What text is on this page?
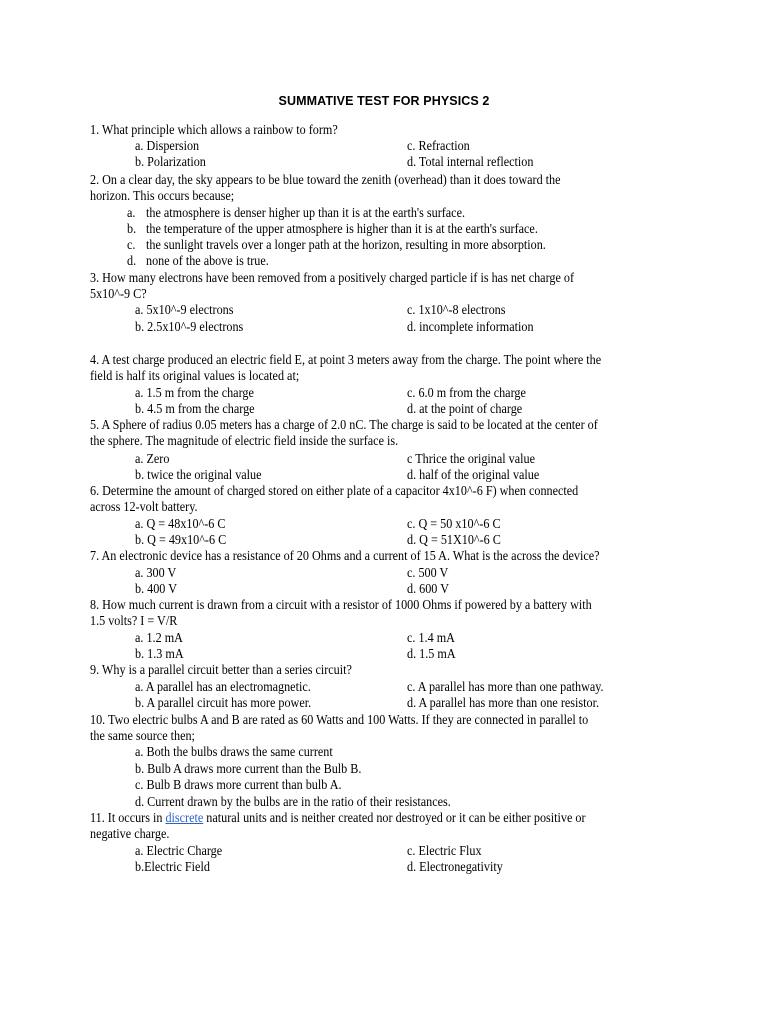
SUMMATIVE TEST FOR PHYSICS 2
1. What principle which allows a rainbow to form?
a. Dispersion	c. Refraction
b. Polarization	d. Total internal reflection
2. On a clear day, the sky appears to be blue toward the zenith (overhead) than it does toward the
horizon. This occurs because;
a. the atmosphere is denser higher up than it is at the earth's surface.
b. the temperature of the upper atmosphere is higher than it is at the earth's surface.
c. the sunlight travels over a longer path at the horizon, resulting in more absorption.
d. none of the above is true.
3. How many electrons have been removed from a positively charged particle if is has net charge of
5x10^-9 C?
a. 5x10^-9 electrons	c. 1x10^-8 electrons
b. 2.5x10^-9 electrons	d. incomplete information
4. A test charge produced an electric field E, at point 3 meters away from the charge. The point where the
field is half its original values is located at;
a. 1.5 m from the charge	c. 6.0 m from the charge
b. 4.5 m from the charge	d. at the point of charge
5. A Sphere of radius 0.05 meters has a charge of 2.0 nC. The charge is said to be located at the center of
the sphere. The magnitude of electric field inside the surface is.
a. Zero	c Thrice the original value
b. twice the original value	d. half of the original value
6. Determine the amount of charged stored on either plate of a capacitor 4x10^-6 F) when connected
across 12-volt battery.
a. Q = 48x10^-6 C	c. Q = 50 x10^-6 C
b. Q = 49x10^-6 C	d. Q = 51X10^-6 C
7. An electronic device has a resistance of 20 Ohms and a current of 15 A. What is the across the device?
a. 300 V	c. 500 V
b. 400 V	d. 600 V
8. How much current is drawn from a circuit with a resistor of 1000 Ohms if powered by a battery with
1.5 volts? I = V/R
a. 1.2 mA	c. 1.4 mA
b. 1.3 mA	d. 1.5 mA
9. Why is a parallel circuit better than a series circuit?
a. A parallel has an electromagnetic.	c. A parallel has more than one pathway.
b. A parallel circuit has more power.	d. A parallel has more than one resistor.
10. Two electric bulbs A and B are rated as 60 Watts and 100 Watts. If they are connected in parallel to
the same source then;
a. Both the bulbs draws the same current
b. Bulb A draws more current than the Bulb B.
c. Bulb B draws more current than bulb A.
d. Current drawn by the bulbs are in the ratio of their resistances.
11. It occurs in discrete natural units and is neither created nor destroyed or it can be either positive or
negative charge.
a. Electric Charge	c. Electric Flux
b.Electric Field	d. Electronegativity
